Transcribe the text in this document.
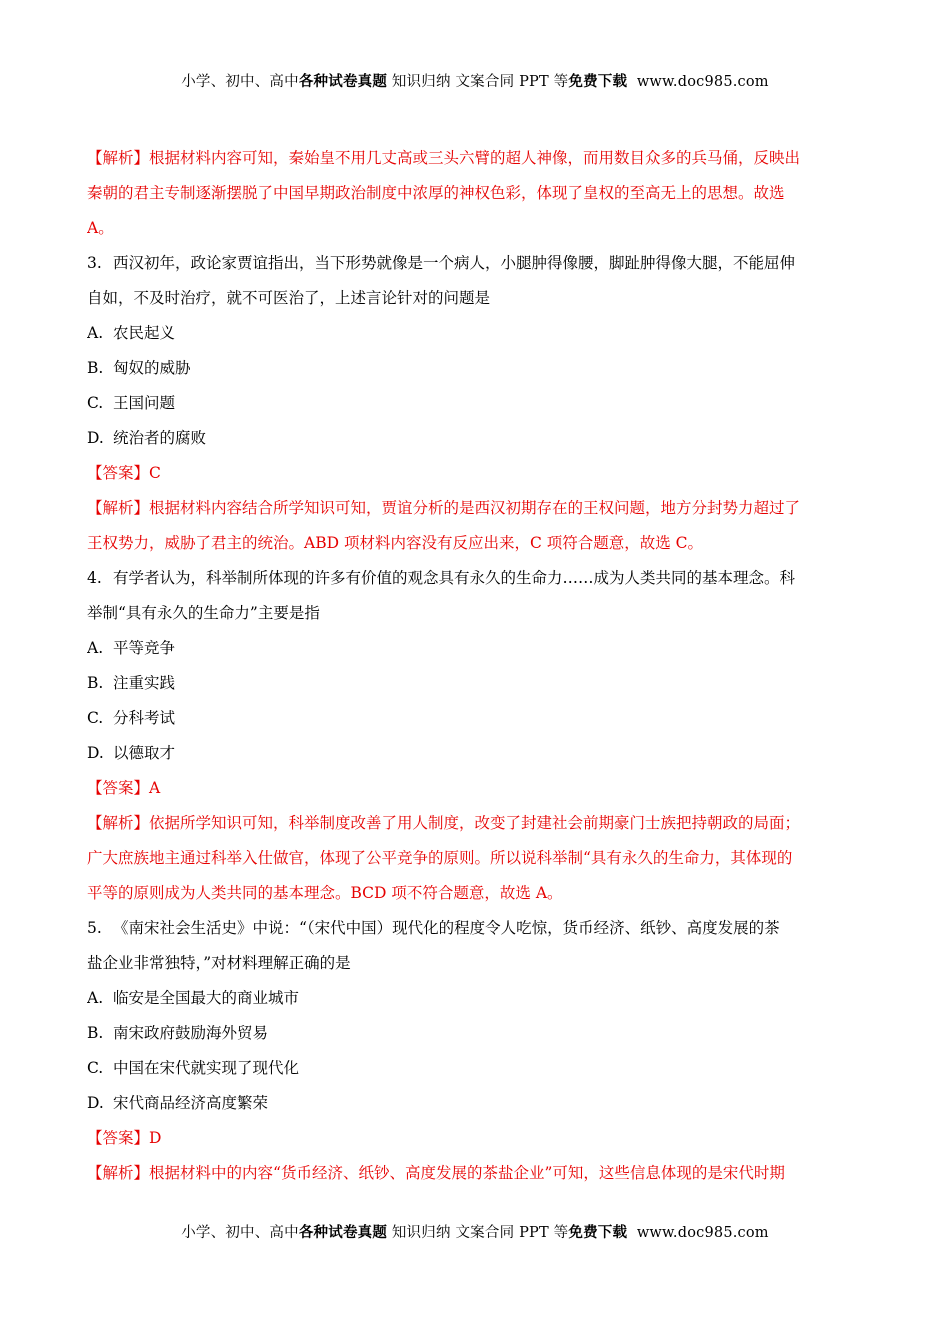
小学、初中、高中各种试卷真题 知识归纳 文案合同 PPT 等免费下载 www.doc985.com
【解析】根据材料内容可知，秦始皇不用几丈高或三头六臂的超人神像，而用数目众多的兵马俑，反映出
秦朝的君主专制逐渐摆脱了中国早期政治制度中浓厚的神权色彩，体现了皇权的至高无上的思想。故选
A。
3. 西汉初年，政论家贾谊指出，当下形势就像是一个病人，小腿肿得像腰，脚趾肿得像大腿，不能屈伸
自如，不及时治疗，就不可医治了，上述言论针对的问题是
A. 农民起义
B. 匈奴的威胁
C. 王国问题
D. 统治者的腐败
【答案】C
【解析】根据材料内容结合所学知识可知，贾谊分析的是西汉初期存在的王权问题，地方分封势力超过了
王权势力，威胁了君主的统治。ABD 项材料内容没有反应出来，C 项符合题意，故选 C。
4. 有学者认为，科举制所体现的许多有价值的观念具有永久的生命力……成为人类共同的基本理念。科
举制“具有永久的生命力”主要是指
A. 平等竞争
B. 注重实践
C. 分科考试
D. 以德取才
【答案】A
【解析】依据所学知识可知，科举制度改善了用人制度，改变了封建社会前期豪门士族把持朝政的局面；
广大庶族地主通过科举入仕做官，体现了公平竞争的原则。所以说科举制“具有永久的生命力，其体现的
平等的原则成为人类共同的基本理念。BCD 项不符合题意，故选 A。
5. 《南宋社会生活史》中说：“（宋代中国）现代化的程度令人吃惊，货币经济、纸钞、高度发展的茶
盐企业非常独特，”对材料理解正确的是
A. 临安是全国最大的商业城市
B. 南宋政府鼓励海外贸易
C. 中国在宋代就实现了现代化
D. 宋代商品经济高度繁荣
【答案】D
【解析】根据材料中的内容“货币经济、纸钞、高度发展的茶盐企业”可知，这些信息体现的是宋代时期
小学、初中、高中各种试卷真题 知识归纳 文案合同 PPT 等免费下载 www.doc985.com
